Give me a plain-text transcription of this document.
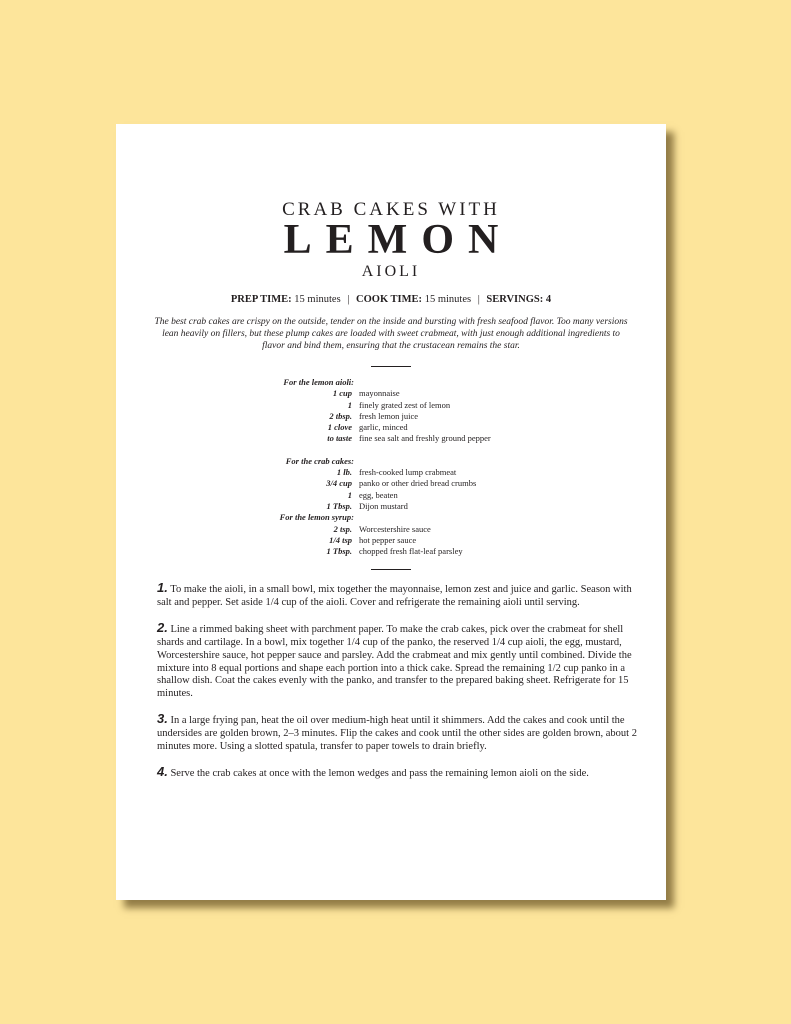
CRAB CAKES WITH
LEMON
AIOLI
PREP TIME: 15 minutes | COOK TIME: 15 minutes | SERVINGS: 4
The best crab cakes are crispy on the outside, tender on the inside and bursting with fresh seafood flavor. Too many versions lean heavily on fillers, but these plump cakes are loaded with sweet crabmeat, with just enough additional ingredients to flavor and bind them, ensuring that the crustacean remains the star.
For the lemon aioli:
1 cup mayonnaise
1 finely grated zest of lemon
2 tbsp. fresh lemon juice
1 clove garlic, minced
to taste fine sea salt and freshly ground pepper
For the crab cakes:
1 lb. fresh-cooked lump crabmeat
3/4 cup panko or other dried bread crumbs
1 egg, beaten
1 Tbsp. Dijon mustard
For the lemon syrup:
2 tsp. Worcestershire sauce
1/4 tsp hot pepper sauce
1 Tbsp. chopped fresh flat-leaf parsley

1. To make the aioli, in a small bowl, mix together the mayonnaise, lemon zest and juice and garlic. Season with salt and pepper. Set aside 1/4 cup of the aioli. Cover and refrigerate the remaining aioli until serving.

2. Line a rimmed baking sheet with parchment paper. To make the crab cakes, pick over the crabmeat for shell shards and cartilage. In a bowl, mix together 1/4 cup of the panko, the reserved 1/4 cup aioli, the egg, mustard, Worcestershire sauce, hot pepper sauce and parsley. Add the crabmeat and mix gently until combined. Divide the mixture into 8 equal portions and shape each portion into a thick cake. Spread the remaining 1/2 cup panko in a shallow dish. Coat the cakes evenly with the panko, and transfer to the prepared baking sheet. Refrigerate for 15 minutes.

3. In a large frying pan, heat the oil over medium-high heat until it shimmers. Add the cakes and cook until the undersides are golden brown, 2–3 minutes. Flip the cakes and cook until the other sides are golden brown, about 2 minutes more. Using a slotted spatula, transfer to paper towels to drain briefly.

4. Serve the crab cakes at once with the lemon wedges and pass the remaining lemon aioli on the side.
